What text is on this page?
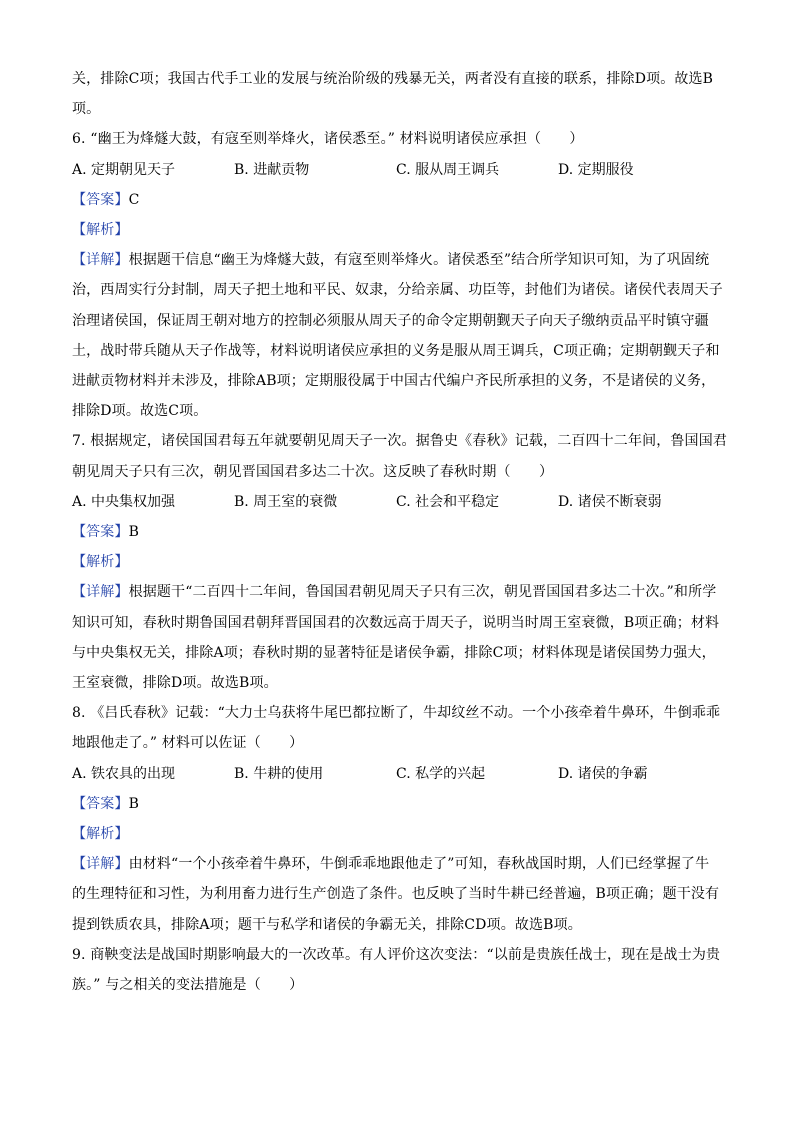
关，排除C项；我国古代手工业的发展与统治阶级的残暴无关，两者没有直接的联系，排除D项。故选B
项。
6. “幽王为烽燧大鼓，有寇至则举烽火，诸侯悉至。” 材料说明诸侯应承担（　　）
A. 定期朝见天子	B. 进献贡物	C. 服从周王调兵	D. 定期服役
【答案】C
【解析】
【详解】根据题干信息“幽王为烽燧大鼓，有寇至则举烽火。诸侯悉至”结合所学知识可知，为了巩固统
治，西周实行分封制，周天子把土地和平民、奴隶，分给亲属、功臣等，封他们为诸侯。诸侯代表周天子
治理诸侯国，保证周王朝对地方的控制必须服从周天子的命令定期朝觐天子向天子缴纳贡品平时镇守疆
土，战时带兵随从天子作战等，材料说明诸侯应承担的义务是服从周王调兵，C项正确；定期朝觐天子和
进献贡物材料并未涉及，排除AB项；定期服役属于中国古代编户齐民所承担的义务，不是诸侯的义务，
排除D项。故选C项。
7. 根据规定，诸侯国国君每五年就要朝见周天子一次。据鲁史《春秋》记载，二百四十二年间，鲁国国君
朝见周天子只有三次，朝见晋国国君多达二十次。这反映了春秋时期（　　）
A. 中央集权加强	B. 周王室的衰微	C. 社会和平稳定	D. 诸侯不断衰弱
【答案】B
【解析】
【详解】根据题干“二百四十二年间，鲁国国君朝见周天子只有三次，朝见晋国国君多达二十次。”和所学
知识可知，春秋时期鲁国国君朝拜晋国国君的次数远高于周天子，说明当时周王室衰微，B项正确；材料
与中央集权无关，排除A项；春秋时期的显著特征是诸侯争霸，排除C项；材料体现是诸侯国势力强大，
王室衰微，排除D项。故选B项。
8. 《吕氏春秋》记载：“大力士乌获将牛尾巴都拉断了，牛却纹丝不动。一个小孩牵着牛鼻环，牛倒乖乖
地跟他走了。” 材料可以佐证（　　）
A. 铁农具的出现	B. 牛耕的使用	C. 私学的兴起	D. 诸侯的争霸
【答案】B
【解析】
【详解】由材料“一个小孩牵着牛鼻环，牛倒乖乖地跟他走了”可知，春秋战国时期，人们已经掌握了牛
的生理特征和习性，为利用畜力进行生产创造了条件。也反映了当时牛耕已经普遍，B项正确；题干没有
提到铁质农具，排除A项；题干与私学和诸侯的争霸无关，排除CD项。故选B项。
9. 商鞅变法是战国时期影响最大的一次改革。有人评价这次变法：“以前是贵族任战士，现在是战士为贵
族。” 与之相关的变法措施是（　　）
